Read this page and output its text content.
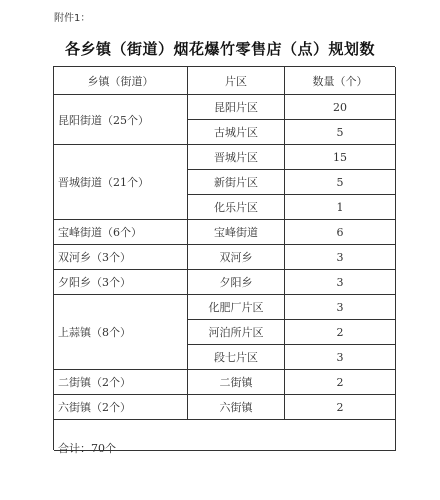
附件1：
各乡镇（街道）烟花爆竹零售店（点）规划数
乡镇（街道）	片区	数量（个）
昆阳街道（25个）
昆阳片区	20
古城片区	5
晋城街道（21个）
晋城片区	15
新街片区	5
化乐片区	1
宝峰街道（6个）	宝峰街道	6
双河乡（3个）	双河乡	3
夕阳乡（3个）	夕阳乡	3
上蒜镇（8个）
化肥厂片区	3
河泊所片区	2
段七片区	3
二街镇（2个）	二街镇	2
六街镇（2个）	六街镇	2
合计：70个
